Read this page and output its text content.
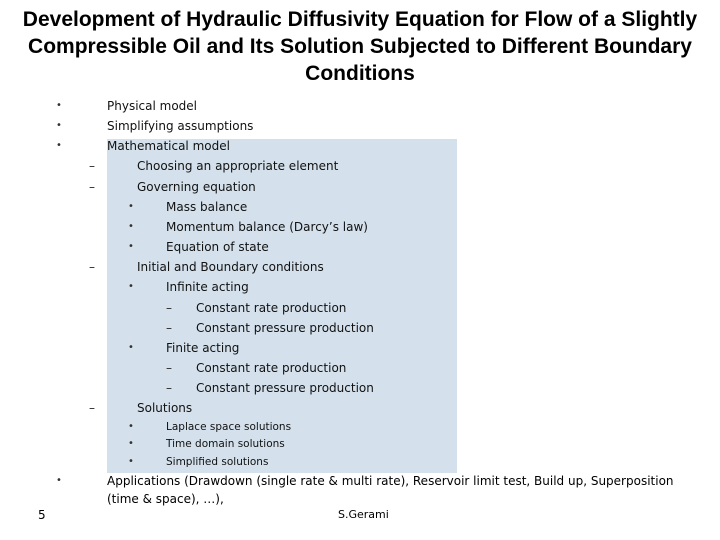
Development of Hydraulic Diffusivity Equation for Flow of a Slightly Compressible Oil and Its Solution Subjected to Different Boundary Conditions
•	Physical model
•	Simplifying assumptions
•	Mathematical model
–	Choosing an appropriate element
–	Governing equation
•	Mass balance
•	Momentum balance (Darcy’s law)
•	Equation of state
–	Initial and Boundary conditions
•	Infinite acting
– Constant rate production
– Constant pressure production
•	Finite acting
– Constant rate production
– Constant pressure production
–	Solutions
•	Laplace space solutions
•	Time domain solutions
•	Simplified solutions
•	Applications (Drawdown (single rate & multi rate), Reservoir limit test, Build up, Superposition (time & space), …),
5	S.Gerami
